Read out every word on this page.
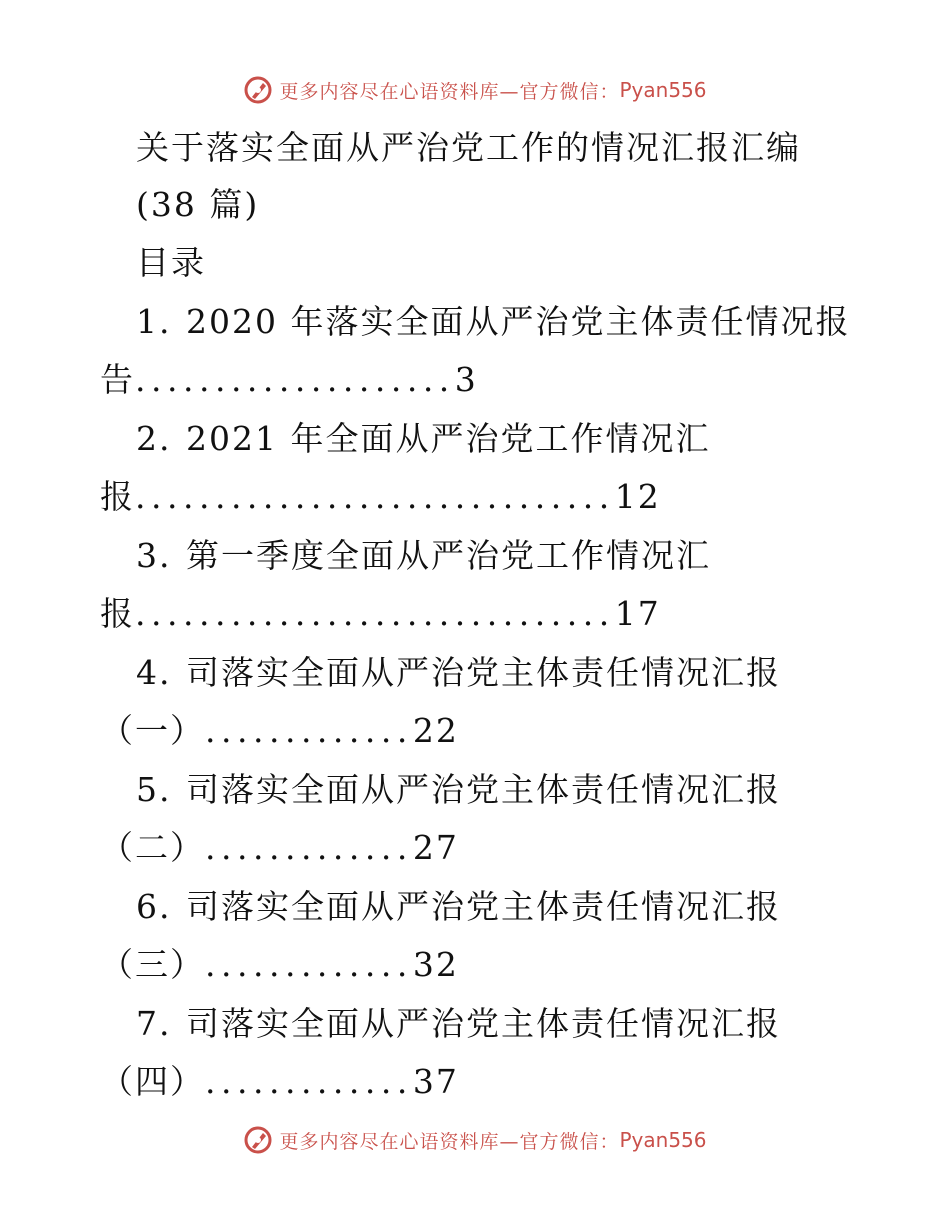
更多内容尽在心语资料库—官方微信： Pyan556
关于落实全面从严治党工作的情况汇报汇编
(38 篇)
目录
1. 2020 年落实全面从严治党主体责任情况报
告....................3
2. 2021 年全面从严治党工作情况汇
报..............................12
3. 第一季度全面从严治党工作情况汇
报..............................17
4. 司落实全面从严治党主体责任情况汇报
（一）.............22
5. 司落实全面从严治党主体责任情况汇报
（二）.............27
6. 司落实全面从严治党主体责任情况汇报
（三）.............32
7. 司落实全面从严治党主体责任情况汇报
（四）.............37
更多内容尽在心语资料库—官方微信： Pyan556
